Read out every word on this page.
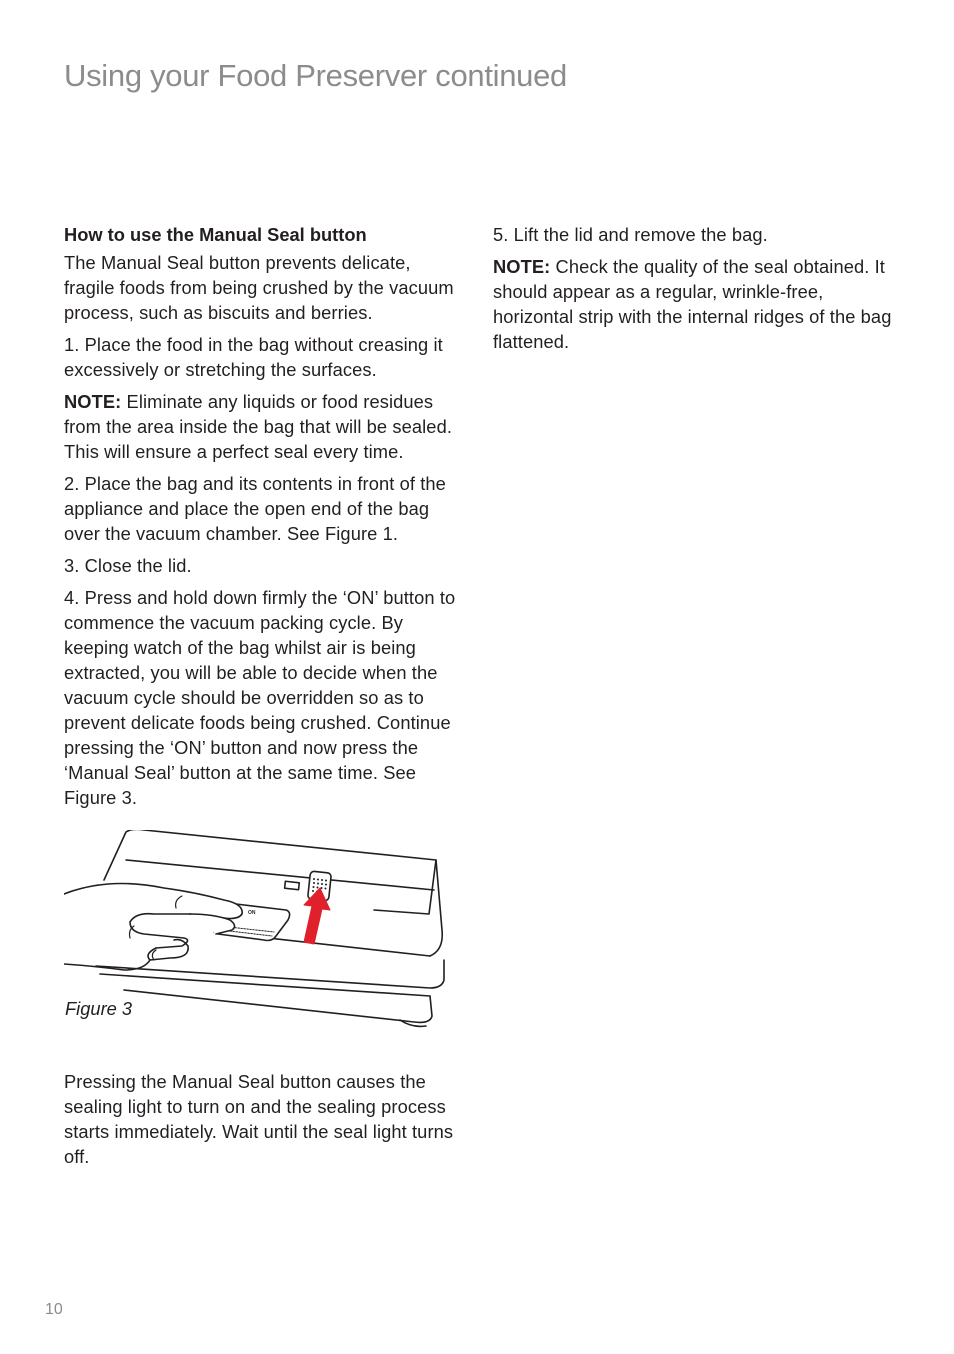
Using your Food Preserver continued

How to use the Manual Seal button

The Manual Seal button prevents delicate, fragile foods from being crushed by the vacuum process, such as biscuits and berries.

1. Place the food in the bag without creasing it excessively or stretching the surfaces.

NOTE: Eliminate any liquids or food residues from the area inside the bag that will be sealed. This will ensure a perfect seal every time.

2. Place the bag and its contents in front of the appliance and place the open end of the bag over the vacuum chamber. See Figure 1.

3. Close the lid.

4. Press and hold down firmly the ‘ON’ button to commence the vacuum packing cycle. By keeping watch of the bag whilst air is being extracted, you will be able to decide when the vacuum cycle should be overridden so as to prevent delicate foods being crushed. Continue pressing the ‘ON’ button and now press the ‘Manual Seal’ button at the same time. See Figure 3.

ON
Figure 3

Pressing the Manual Seal button causes the sealing light to turn on and the sealing process starts immediately. Wait until the seal light turns off.

5. Lift the lid and remove the bag.

NOTE: Check the quality of the seal obtained. It should appear as a regular, wrinkle-free, horizontal strip with the internal ridges of the bag flattened.

10
